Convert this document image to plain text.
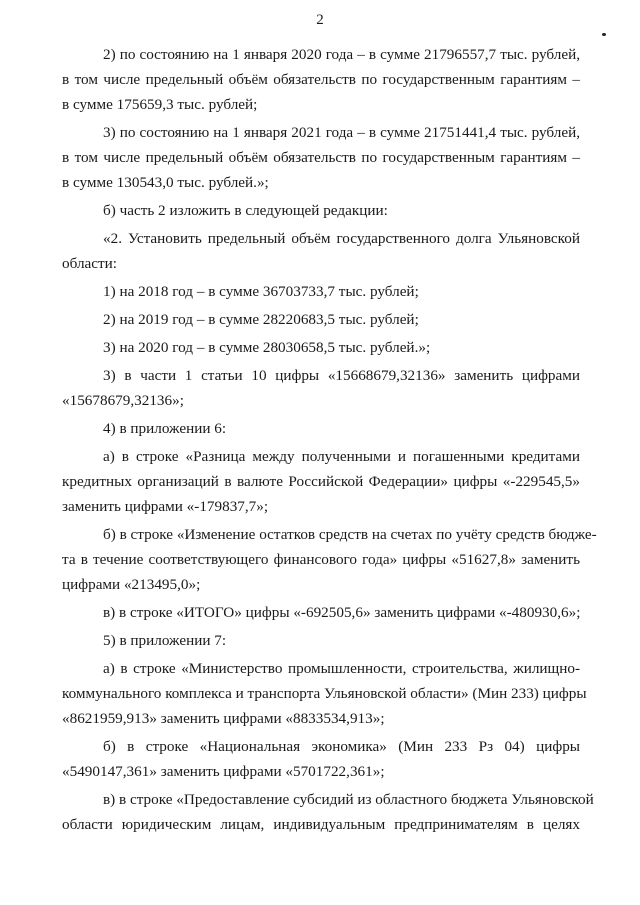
2
2) по состоянию на 1 января 2020 года – в сумме 21796557,7 тыс. рублей,
в том числе предельный объём обязательств по государственным гарантиям –
в сумме 175659,3 тыс. рублей;
3) по состоянию на 1 января 2021 года – в сумме 21751441,4 тыс. рублей,
в том числе предельный объём обязательств по государственным гарантиям –
в сумме 130543,0 тыс. рублей.»;
б) часть 2 изложить в следующей редакции:
«2. Установить предельный объём государственного долга Ульяновской
области:
1) на 2018 год – в сумме 36703733,7 тыс. рублей;
2) на 2019 год – в сумме 28220683,5 тыс. рублей;
3) на 2020 год – в сумме 28030658,5 тыс. рублей.»;
3) в части 1 статьи 10 цифры «15668679,32136» заменить цифрами
«15678679,32136»;
4) в приложении 6:
а) в строке «Разница между полученными и погашенными кредитами
кредитных организаций в валюте Российской Федерации» цифры «-229545,5»
заменить цифрами «-179837,7»;
б) в строке «Изменение остатков средств на счетах по учёту средств бюдже-
та в течение соответствующего финансового года» цифры «51627,8» заменить
цифрами «213495,0»;
в) в строке «ИТОГО» цифры «-692505,6» заменить цифрами «-480930,6»;
5) в приложении 7:
а) в строке «Министерство промышленности, строительства, жилищно-
коммунального комплекса и транспорта Ульяновской области» (Мин 233) цифры
«8621959,913» заменить цифрами «8833534,913»;
б) в строке «Национальная экономика» (Мин 233 Рз 04) цифры
«5490147,361» заменить цифрами «5701722,361»;
в) в строке «Предоставление субсидий из областного бюджета Ульяновской
области юридическим лицам, индивидуальным предпринимателям в целях
